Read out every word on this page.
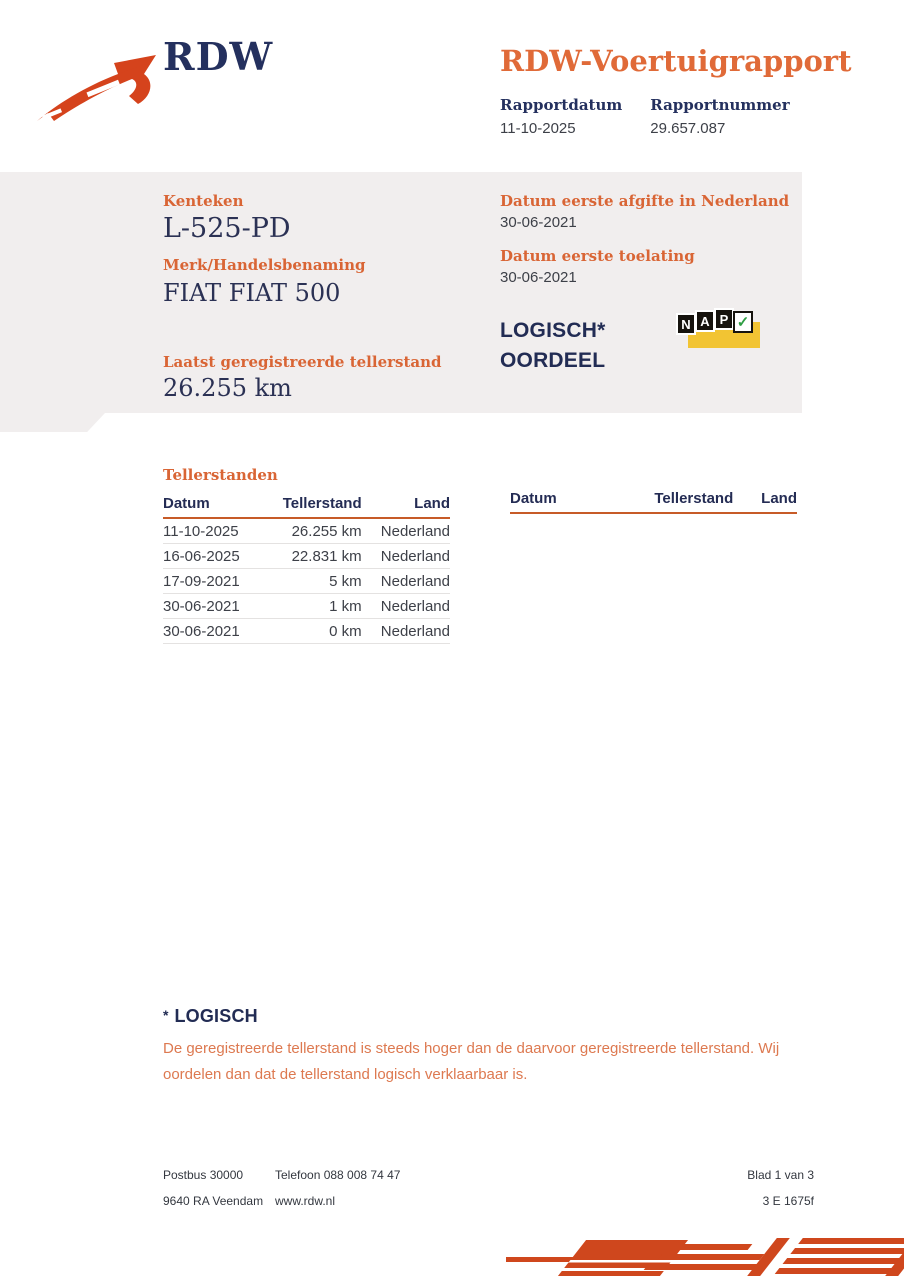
RDW	RDW-Voertuigrapport
Rapportdatum
11-10-2025
Rapportnummer
29.657.087
Kenteken
L-525-PD
Merk/Handelsbenaming
FIAT FIAT 500
Laatst geregistreerde tellerstand
26.255 km
Datum eerste afgifte in Nederland
30-06-2021
Datum eerste toelating
30-06-2021
LOGISCH*
OORDEEL
N A P ✓
Tellerstanden
Datum	Tellerstand	Land
11-10-2025	26.255 km	Nederland
16-06-2025	22.831 km	Nederland
17-09-2021	5 km	Nederland
30-06-2021	1 km	Nederland
30-06-2021	0 km	Nederland
Datum	Tellerstand	Land
* LOGISCH
De geregistreerde tellerstand is steeds hoger dan de daarvoor geregistreerde tellerstand. Wij oordelen dan dat de tellerstand logisch verklaarbaar is.
Postbus 30000	Telefoon 088 008 74 47	Blad 1 van 3
9640 RA Veendam www.rdw.nl	3 E 1675f
